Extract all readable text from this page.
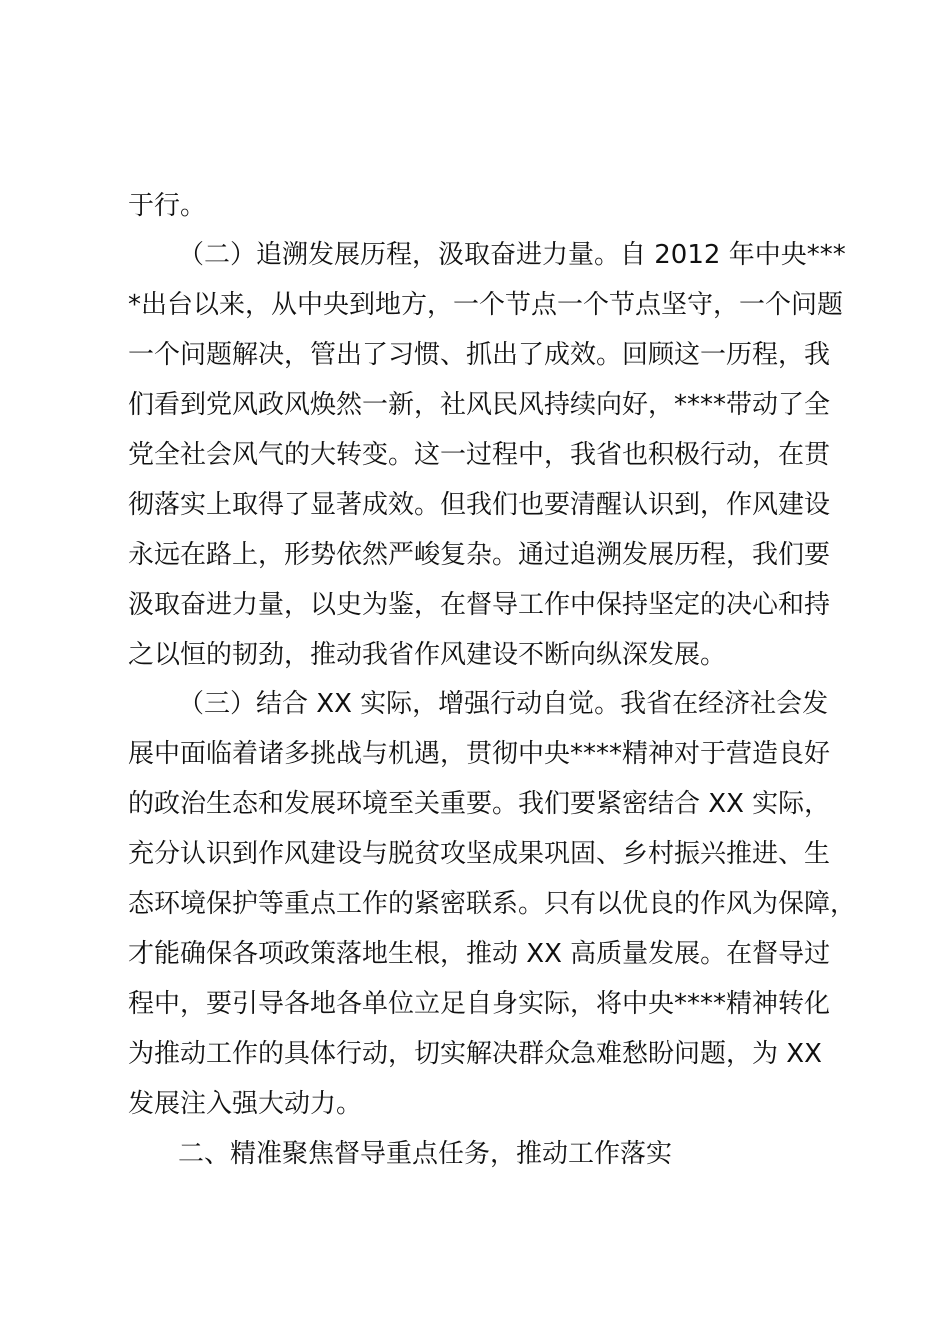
于行。
（二）追溯发展历程，汲取奋进力量。自 2012 年中央***
*出台以来，从中央到地方，一个节点一个节点坚守，一个问题
一个问题解决，管出了习惯、抓出了成效。回顾这一历程，我
们看到党风政风焕然一新，社风民风持续向好，****带动了全
党全社会风气的大转变。这一过程中，我省也积极行动，在贯
彻落实上取得了显著成效。但我们也要清醒认识到，作风建设
永远在路上，形势依然严峻复杂。通过追溯发展历程，我们要
汲取奋进力量，以史为鉴，在督导工作中保持坚定的决心和持
之以恒的韧劲，推动我省作风建设不断向纵深发展。
（三）结合 XX 实际，增强行动自觉。我省在经济社会发
展中面临着诸多挑战与机遇，贯彻中央****精神对于营造良好
的政治生态和发展环境至关重要。我们要紧密结合 XX 实际，
充分认识到作风建设与脱贫攻坚成果巩固、乡村振兴推进、生
态环境保护等重点工作的紧密联系。只有以优良的作风为保障，
才能确保各项政策落地生根，推动 XX 高质量发展。在督导过
程中，要引导各地各单位立足自身实际，将中央****精神转化
为推动工作的具体行动，切实解决群众急难愁盼问题，为 XX
发展注入强大动力。
二、精准聚焦督导重点任务，推动工作落实
